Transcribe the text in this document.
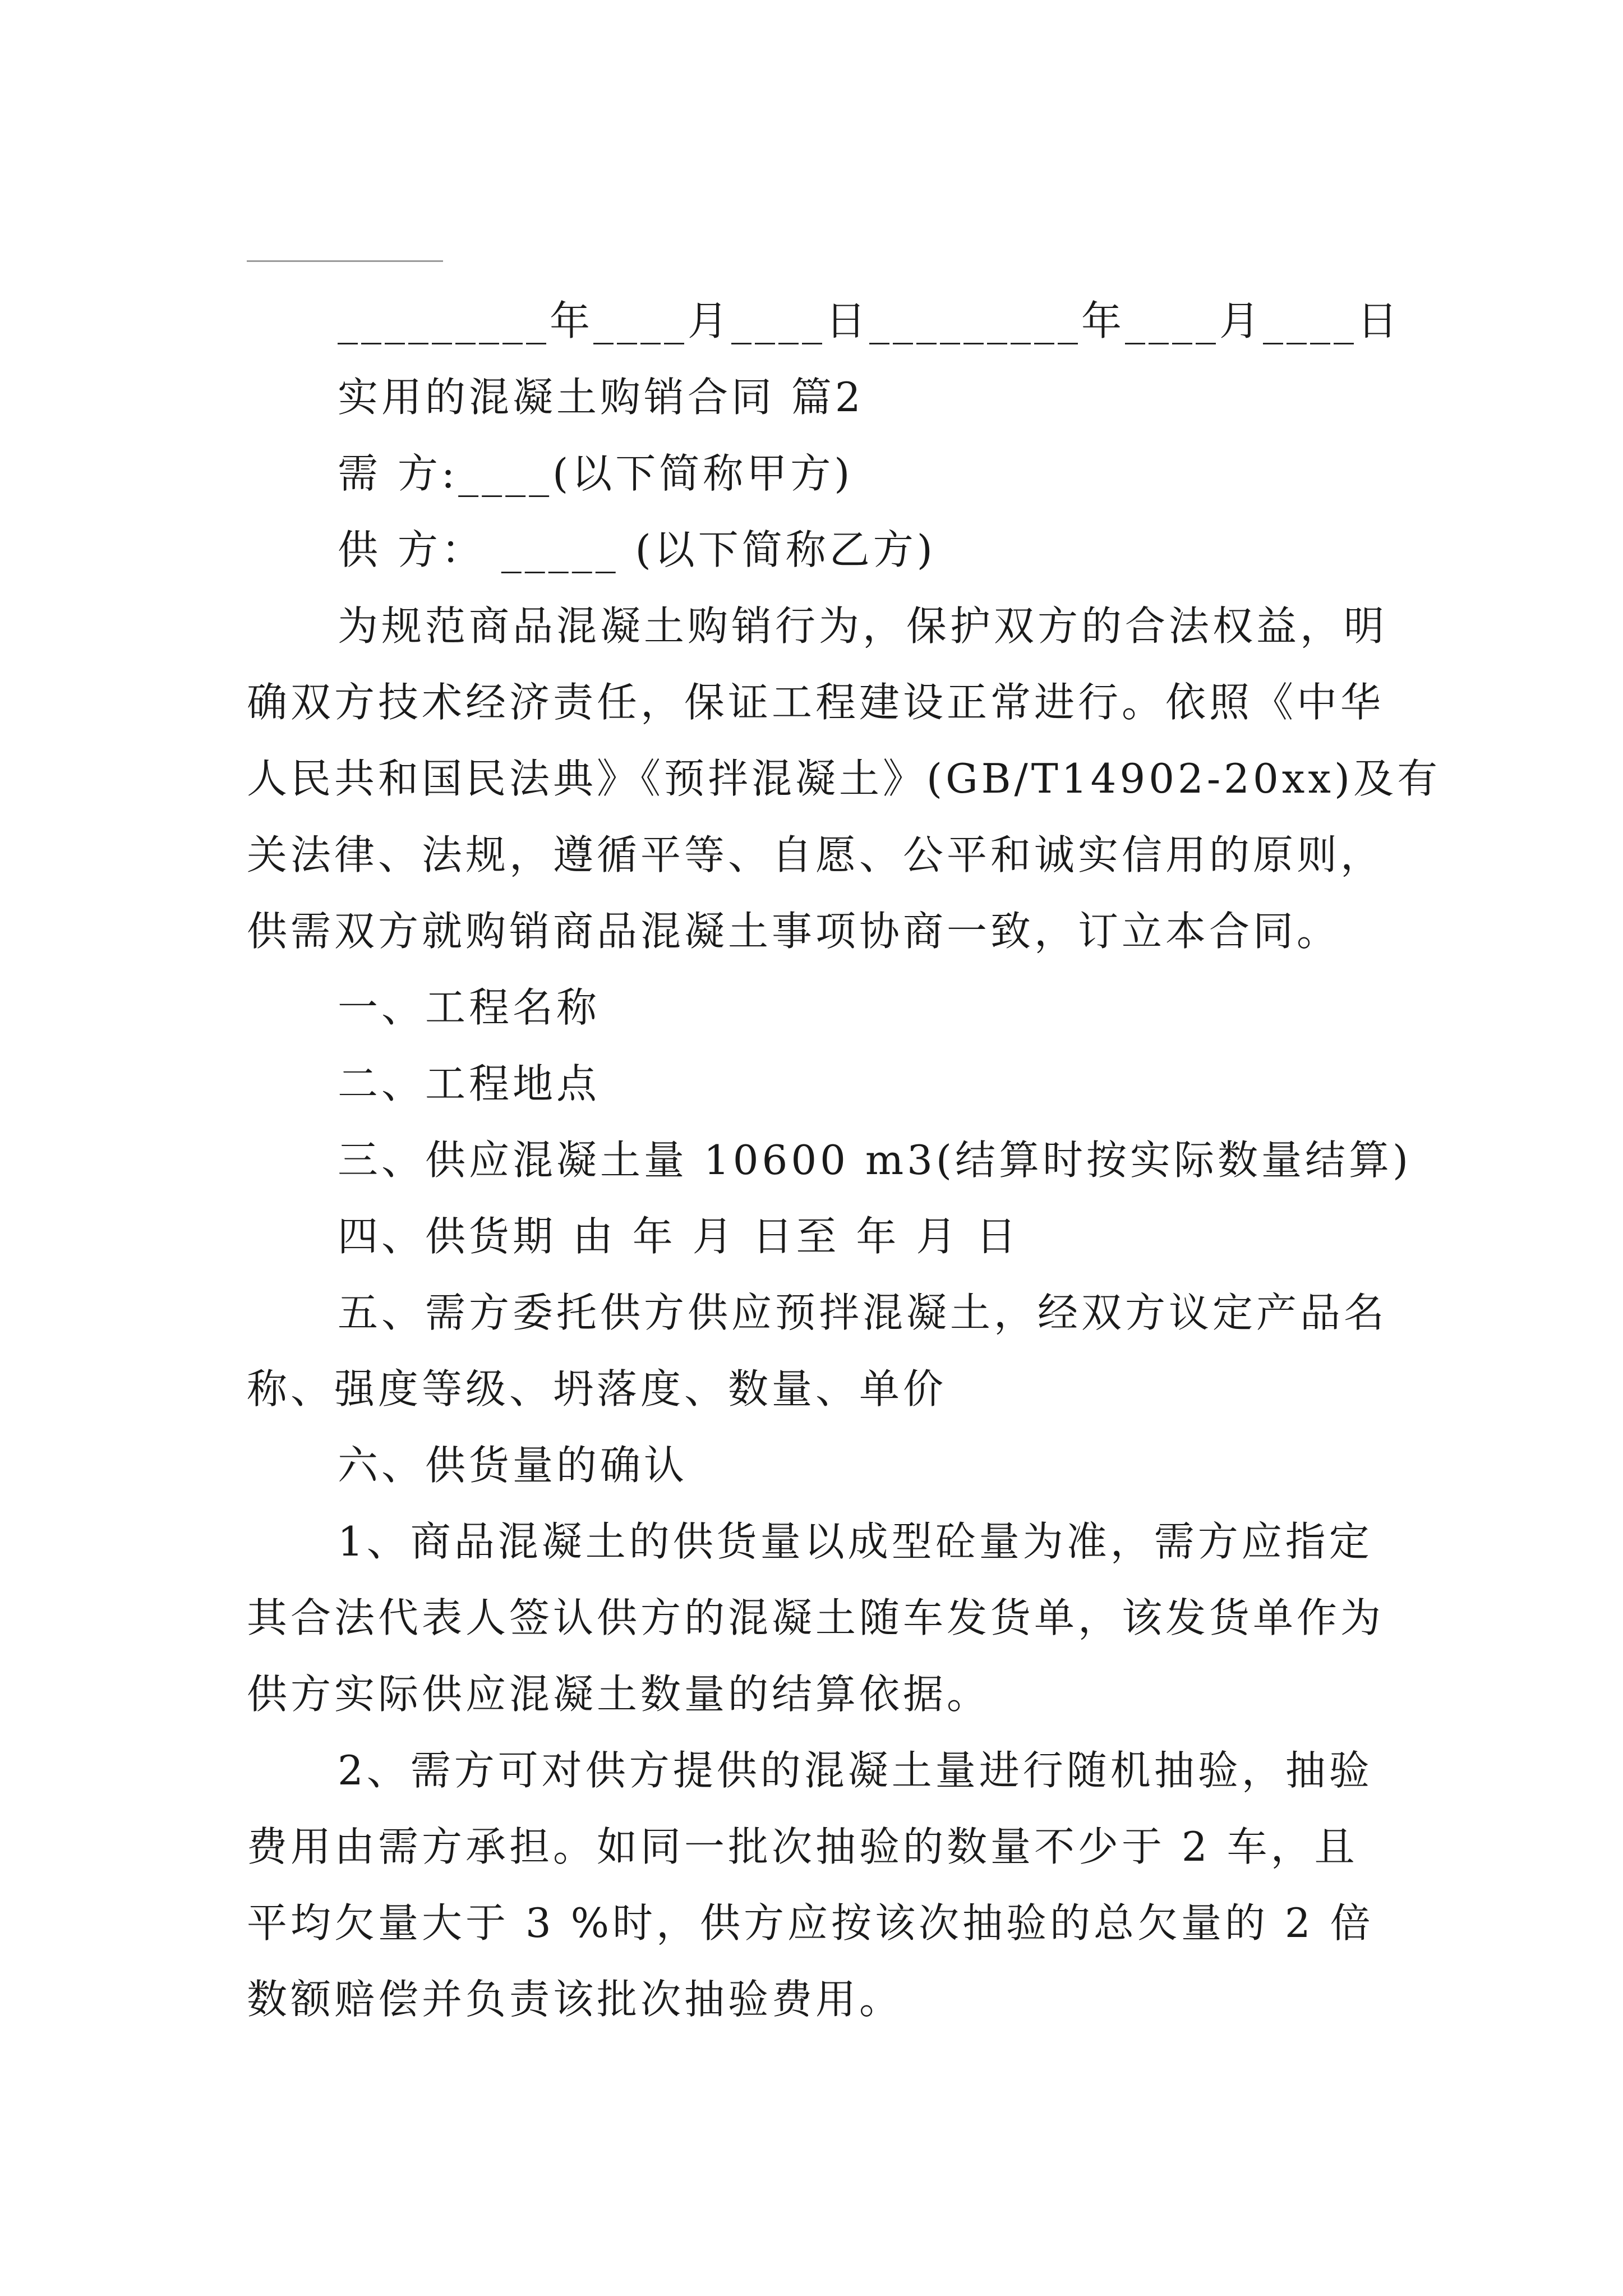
_________年____月____日_________年____月____日
实用的混凝土购销合同 篇2
需 方:____(以下简称甲方)
供 方： _____ (以下简称乙方)
为规范商品混凝土购销行为，保护双方的合法权益，明
确双方技术经济责任，保证工程建设正常进行。依照《中华
人民共和国民法典》《预拌混凝土》(GB/T14902-20xx)及有
关法律、法规，遵循平等、自愿、公平和诚实信用的原则，
供需双方就购销商品混凝土事项协商一致，订立本合同。
一、工程名称
二、工程地点
三、供应混凝土量 10600 m3(结算时按实际数量结算)
四、供货期 由 年 月 日至 年 月 日
五、需方委托供方供应预拌混凝土，经双方议定产品名
称、强度等级、坍落度、数量、单价
六、供货量的确认
1、商品混凝土的供货量以成型砼量为准，需方应指定
其合法代表人签认供方的混凝土随车发货单，该发货单作为
供方实际供应混凝土数量的结算依据。
2、需方可对供方提供的混凝土量进行随机抽验，抽验
费用由需方承担。如同一批次抽验的数量不少于 2 车，且
平均欠量大于 3 %时，供方应按该次抽验的总欠量的 2 倍
数额赔偿并负责该批次抽验费用。
